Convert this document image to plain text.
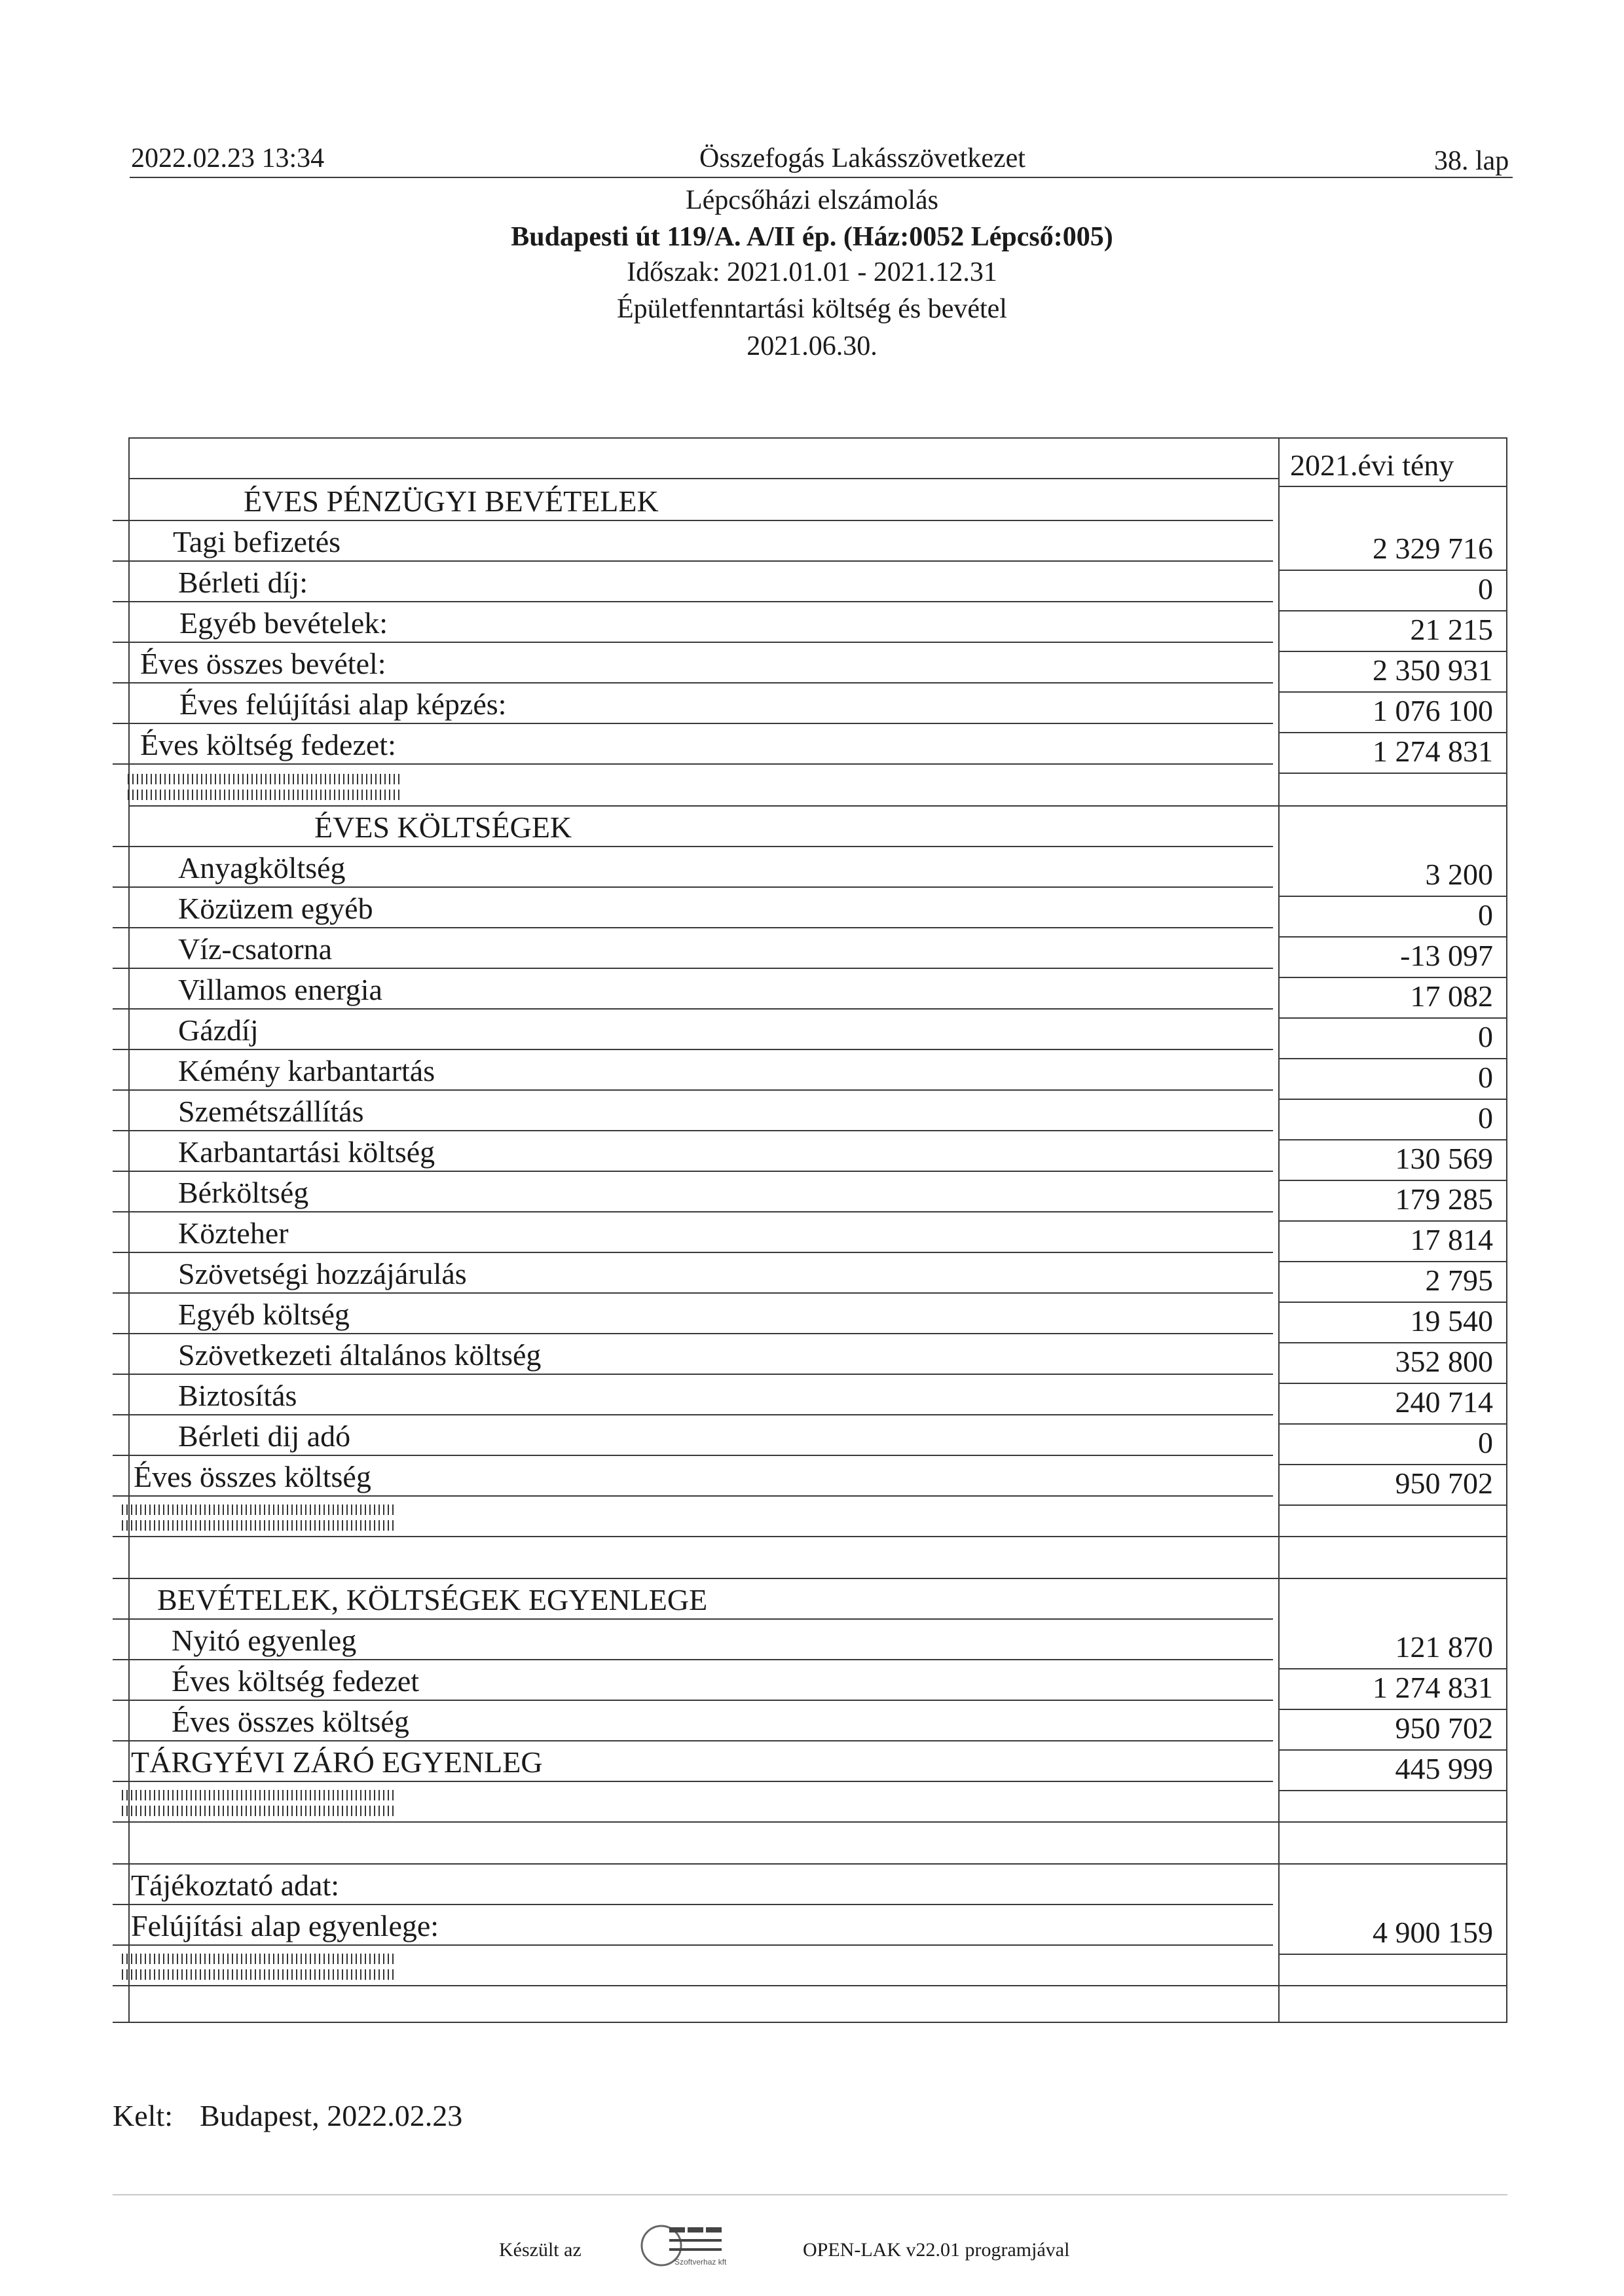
2022.02.23 13:34	Összefogás Lakásszövetkezet	38. lap
Lépcsőházi elszámolás
Budapesti út 119/A. A/II ép. (Ház:0052 Lépcső:005)
Időszak: 2021.01.01 - 2021.12.31
Épületfenntartási költség és bevétel
2021.06.30.
2021.évi tény
ÉVES PÉNZÜGYI BEVÉTELEK
Tagi befizetés	2 329 716
Bérleti díj:	0
Egyéb bevételek:	21 215
Éves összes bevétel:	2 350 931
Éves felújítási alap képzés:	1 076 100
Éves költség fedezet:	1 274 831
ÉVES KÖLTSÉGEK
Anyagköltség	3 200
Közüzem egyéb	0
Víz-csatorna	-13 097
Villamos energia	17 082
Gázdíj	0
Kémény karbantartás	0
Szemétszállítás	0
Karbantartási költség	130 569
Bérköltség	179 285
Közteher	17 814
Szövetségi hozzájárulás	2 795
Egyéb költség	19 540
Szövetkezeti általános költség	352 800
Biztosítás	240 714
Bérleti dij adó	0
Éves összes költség	950 702
BEVÉTELEK, KÖLTSÉGEK EGYENLEGE
Nyitó egyenleg	121 870
Éves költség fedezet	1 274 831
Éves összes költség	950 702
TÁRGYÉVI ZÁRÓ EGYENLEG	445 999
Tájékoztató adat:
Felújítási alap egyenlege:	4 900 159
Kelt: Budapest, 2022.02.23
Készült az
Szoftverhaz kft
OPEN-LAK v22.01 programjával
